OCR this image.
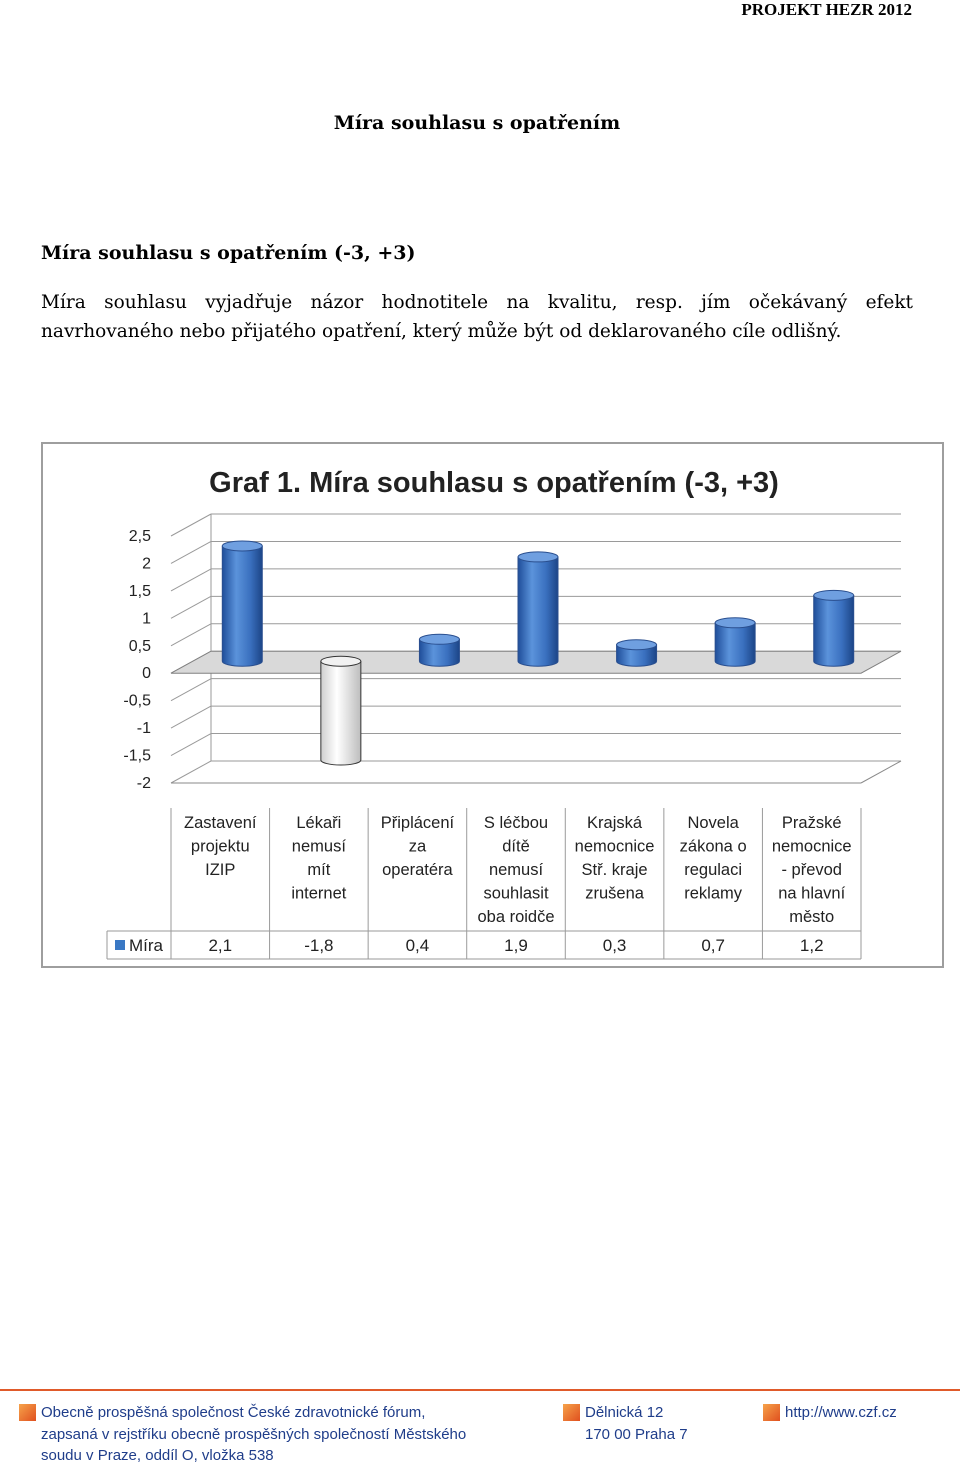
PROJEKT HEZR 2012
Míra souhlasu s opatřením
Míra souhlasu s opatřením (-3, +3)
Míra souhlasu vyjadřuje názor hodnotitele na kvalitu, resp. jím očekávaný efekt navrhovaného nebo přijatého opatření, který může být od deklarovaného cíle odlišný.
Graf 1. Míra souhlasu s opatřením (-3, +3)
2,5
2
1,5
1
0,5
0
-0,5
-1
-1,5
-2
Zastavení
projektu
IZIP
2,1
Lékaři
nemusí
mít
internet
-1,8
Připlácení
za
operatéra
0,4
S léčbou
dítě
nemusí
souhlasit
oba roidče
1,9
Krajská
nemocnice
Stř. kraje
zrušena
0,3
Novela
zákona o
regulaci
reklamy
0,7
Pražské
nemocnice
- převod
na hlavní
město
1,2
Míra
Obecně prospěšná společnost České zdravotnické fórum,
zapsaná v rejstříku obecně prospěšných společností Městského
soudu v Praze, oddíl O, vložka 538
Dělnická 12
170 00 Praha 7
http://www.czf.cz
